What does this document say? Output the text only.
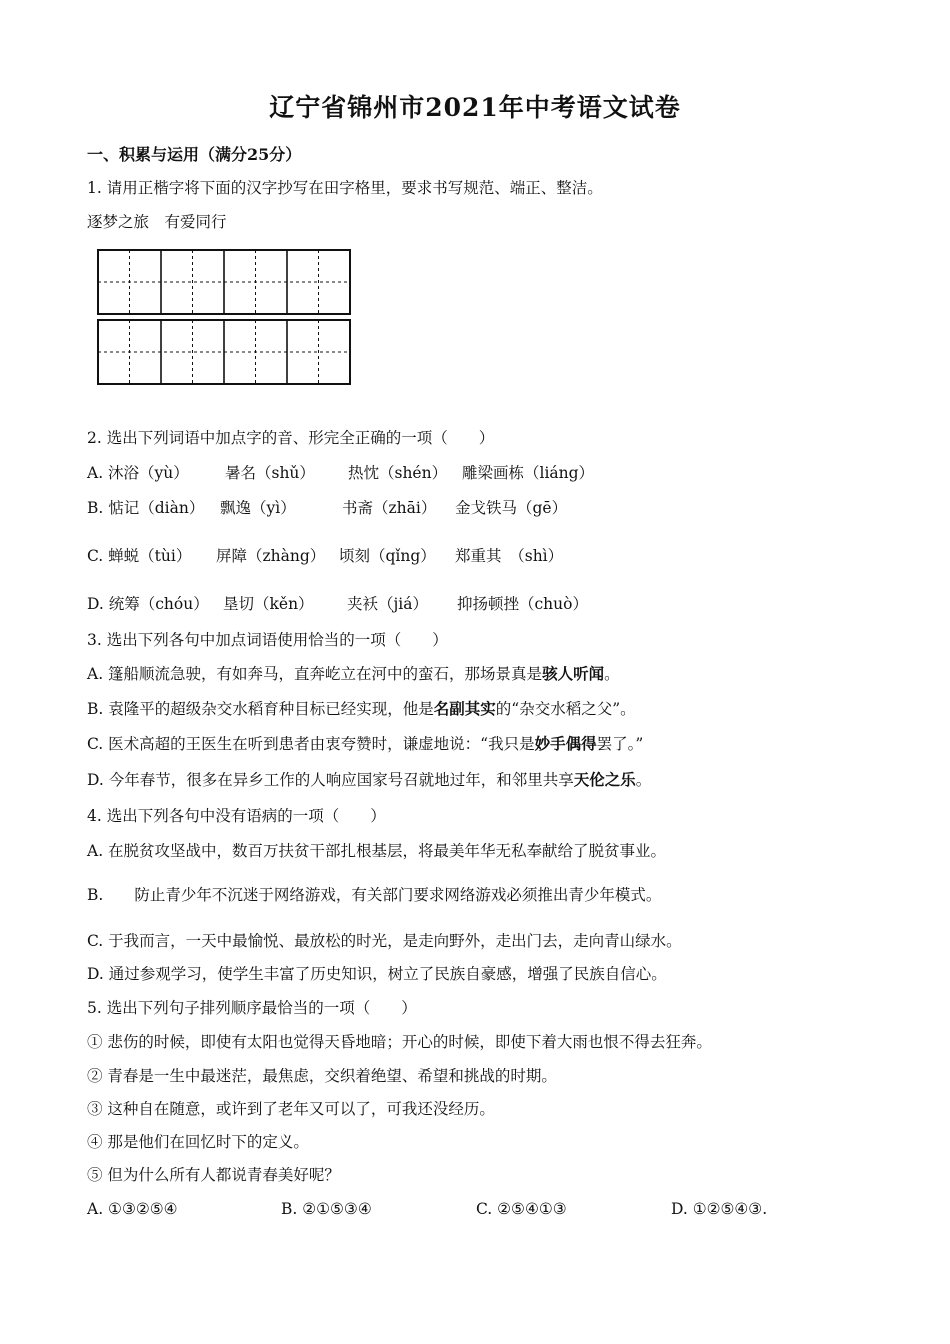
辽宁省锦州市2021年中考语文试卷
一、积累与运用（满分25分）
1. 请用正楷字将下面的汉字抄写在田字格里，要求书写规范、端正、整洁。
逐梦之旅　有爱同行
2. 选出下列词语中加点字的音、形完全正确的一项（　　）
A. 沐浴（yù） 暑名（shǔ） 热忱（shén） 雕梁画栋（liáng）
B. 惦记（diàn） 飘逸（yì）	书斋（zhāi） 金戈铁马（gē）
C. 蝉蜕（tùi） 屏障（zhàng） 顷刻（qǐng） 郑重其　（shì）
D. 统筹（chóu） 垦切（kěn） 夹袄（jiá） 抑扬顿挫（chuò）
3. 选出下列各句中加点词语使用恰当的一项（　　）
A. 篷船顺流急驶，有如奔马，直奔屹立在河中的蛮石，那场景真是骇人听闻。
B. 袁隆平的超级杂交水稻育种目标已经实现，他是名副其实的“杂交水稻之父”。
C. 医术高超的王医生在听到患者由衷夸赞时，谦虚地说：“我只是妙手偶得罢了。”
D. 今年春节，很多在异乡工作的人响应国家号召就地过年，和邻里共享天伦之乐。
4. 选出下列各句中没有语病的一项（　　）
A. 在脱贫攻坚战中，数百万扶贫干部扎根基层，将最美年华无私奉献给了脱贫事业。
B.　　防止青少年不沉迷于网络游戏，有关部门要求网络游戏必须推出青少年模式。
C. 于我而言，一天中最愉悦、最放松的时光，是走向野外，走出门去，走向青山绿水。
D. 通过参观学习，使学生丰富了历史知识，树立了民族自豪感，增强了民族自信心。
5. 选出下列句子排列顺序最恰当的一项（　　）
① 悲伤的时候，即使有太阳也觉得天昏地暗；开心的时候，即使下着大雨也恨不得去狂奔。
② 青春是一生中最迷茫，最焦虑，交织着绝望、希望和挑战的时期。
③ 这种自在随意，或许到了老年又可以了，可我还没经历。
④ 那是他们在回忆时下的定义。
⑤ 但为什么所有人都说青春美好呢？
A. ①③②⑤④	B. ②①⑤③④	C. ②⑤④①③	D. ①②⑤④③.
